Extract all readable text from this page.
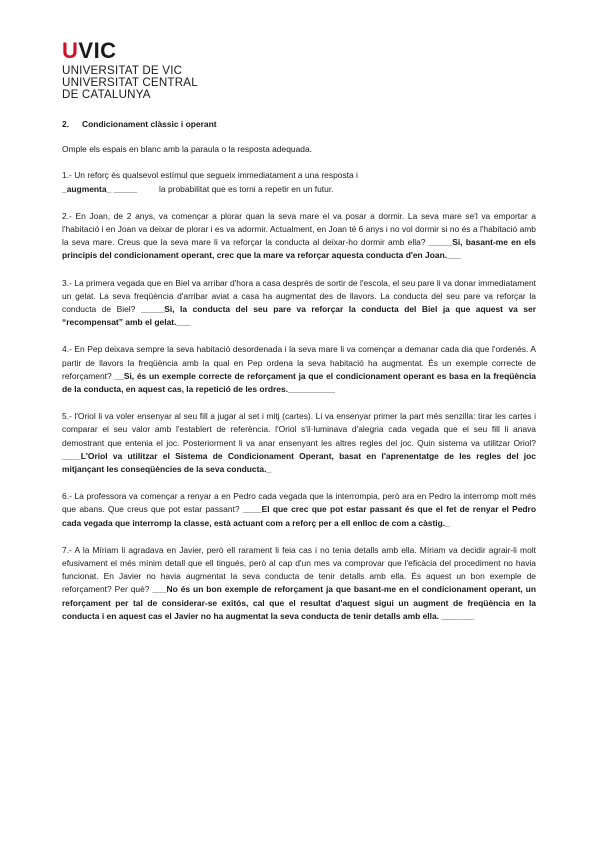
UVIC
UNIVERSITAT DE VIC
UNIVERSITAT CENTRAL
DE CATALUNYA

2. Condicionament clàssic i operant

Omple els espais en blanc amb la paraula o la resposta adequada.

1.- Un reforç és qualsevol estímul que segueix immediatament a una resposta i
_augmenta_ _____	la probabilitat que es torni a repetir en un futur.

2.- En Joan, de 2 anys, va començar a plorar quan la seva mare el va posar a dormir. La seva mare se'l va emportar a l'habitació i en Joan va deixar de plorar i es va adormir. Actualment, en Joan té 6 anys i no vol dormir si no és a l'habitació amb la seva mare. Creus que la seva mare li va reforçar la conducta al deixar-ho dormir amb ella? _____Si, basant-me en els principis del condicionament operant, crec que la mare va reforçar aquesta conducta d'en Joan.___

3.- La primera vegada que en Biel va arribar d'hora a casa després de sortir de l'escola, el seu pare li va donar immediatament un gelat. La seva freqüència d'arribar aviat a casa ha augmentat des de llavors. La conducta del seu pare va reforçar la conducta de Biel? _____Si, la conducta del seu pare va reforçar la conducta del Biel ja que aquest va ser “recompensat” amb el gelat.___

4.- En Pep deixava sempre la seva habitació desordenada i la seva mare li va començar a demanar cada dia que l'ordenés. A partir de llavors la freqüència amb la qual en Pep ordena la seva habitació ha augmentat. És un exemple correcte de reforçament? __Si, és un exemple correcte de reforçament ja que el condicionament operant es basa en la freqüència de la conducta, en aquest cas, la repetició de les ordres.__________

5.- l'Oriol li va voler ensenyar al seu fill a jugar al set i mitj (cartes). Li va ensenyar primer la part més senzilla: tirar les cartes i comparar el seu valor amb l'establert de referència. l'Oriol s'il·luminava d'alegria cada vegada que el seu fill li anava demostrant que entenia el joc. Posteriorment li va anar ensenyant les altres regles del joc. Quin sistema va utilitzar Oriol? ____L'Oriol va utilitzar el Sistema de Condicionament Operant, basat en l'aprenentatge de les regles del joc mitjançant les conseqüències de la seva conducta._

6.- La professora va començar a renyar a en Pedro cada vegada que la interrompia, però ara en Pedro la interromp molt més que abans. Que creus que pot estar passant? ____El que crec que pot estar passant és que el fet de renyar el Pedro cada vegada que interromp la classe, està actuant com a reforç per a ell enlloc de com a càstig._

7.- A la Míriam li agradava en Javier, però ell rarament li feia cas i no tenia detalls amb ella. Míriam va decidir agrair-li molt efusivament el més mínim detall que ell tingués, però al cap d'un mes va comprovar que l'eficàcia del procediment no havia funcionat. En Javier no havia augmentat la seva conducta de tenir detalls amb ella. És aquest un bon exemple de reforçament? Per què? ___No és un bon exemple de reforçament ja que basant-me en el condicionament operant, un reforçament per tal de considerar-se exitós, cal que el resultat d'aquest sigui un augment de freqüència en la conducta i en aquest cas el Javier no ha augmentat la seva conducta de tenir detalls amb ella. _______
